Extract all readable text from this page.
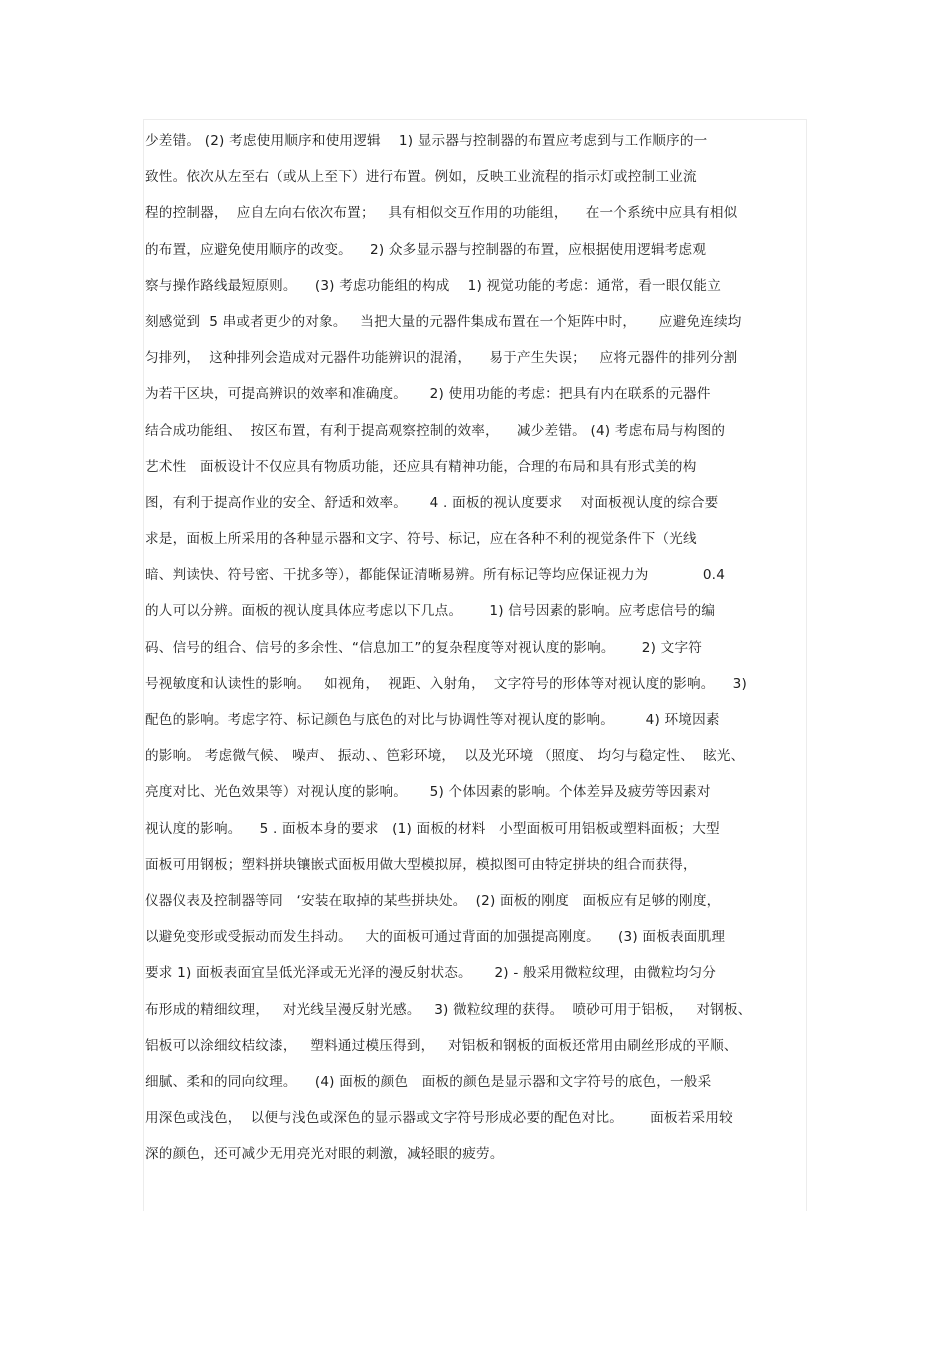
少差错。 (2) 考虑使用顺序和使用逻辑    1) 显示器与控制器的布置应考虑到与工作顺序的一
致性。依次从左至右（或从上至下）进行布置。例如，反映工业流程的指示灯或控制工业流
程的控制器，  应自左向右依次布置；   具有相似交互作用的功能组，    在一个系统中应具有相似
的布置，应避免使用顺序的改变。    2) 众多显示器与控制器的布置，应根据使用逻辑考虑观
察与操作路线最短原则。    (3) 考虑功能组的构成    1) 视觉功能的考虑：通常，看一眼仅能立
刻感觉到  5 串或者更少的对象。   当把大量的元器件集成布置在一个矩阵中时，     应避免连续均
匀排列，  这种排列会造成对元器件功能辨识的混淆，    易于产生失误；   应将元器件的排列分割
为若干区块，可提高辨识的效率和准确度。     2) 使用功能的考虑：把具有内在联系的元器件
结合成功能组、  按区布置，有利于提高观察控制的效率，    减少差错。 (4) 考虑布局与构图的
艺术性   面板设计不仅应具有物质功能，还应具有精神功能，合理的布局和具有形式美的构
图，有利于提高作业的安全、舒适和效率。     4 . 面板的视认度要求    对面板视认度的综合要
求是，面板上所采用的各种显示器和文字、符号、标记，应在各种不利的视觉条件下（光线
暗、判读快、符号密、干扰多等），都能保证清晰易辨。所有标记等均应保证视力为            0.4
的人可以分辨。面板的视认度具体应考虑以下几点。      1) 信号因素的影响。应考虑信号的编
码、信号的组合、信号的多余性、“信息加工”的复杂程度等对视认度的影响。      2) 文字符
号视敏度和认读性的影响。   如视角，  视距、入射角，  文字符号的形体等对视认度的影响。    3)
配色的影响。考虑字符、标记颜色与底色的对比与协调性等对视认度的影响。       4) 环境因素
的影响。 考虑微气候、 噪声、 振动、、笆彩环境，  以及光环境 （照度、 均匀与稳定性、  眩光、
亮度对比、光色效果等）对视认度的影响。     5) 个体因素的影响。个体差异及疲劳等因素对
视认度的影响。    5 . 面板本身的要求   (1) 面板的材料   小型面板可用铝板或塑料面板；大型
面板可用钢板；塑料拼块镶嵌式面板用做大型模拟屏，模拟图可由特定拼块的组合而获得，
仪器仪表及控制器等同   ‘安装在取掉的某些拼块处。  (2) 面板的刚度   面板应有足够的刚度，
以避免变形或受振动而发生抖动。   大的面板可通过背面的加强提高刚度。    (3) 面板表面肌理
要求 1) 面板表面宜呈低光泽或无光泽的漫反射状态。     2) - 般采用微粒纹理，由微粒均匀分
布形成的精细纹理，   对光线呈漫反射光感。   3) 微粒纹理的获得。  喷砂可用于铝板，   对钢板、
铝板可以涂细纹桔纹漆，   塑料通过模压得到，   对铝板和钢板的面板还常用由刷丝形成的平顺、
细腻、柔和的同向纹理。    (4) 面板的颜色   面板的颜色是显示器和文字符号的底色，一般采
用深色或浅色，  以便与浅色或深色的显示器或文字符号形成必要的配色对比。      面板若采用较
深的颜色，还可减少无用亮光对眼的刺激，减轻眼的疲劳。
